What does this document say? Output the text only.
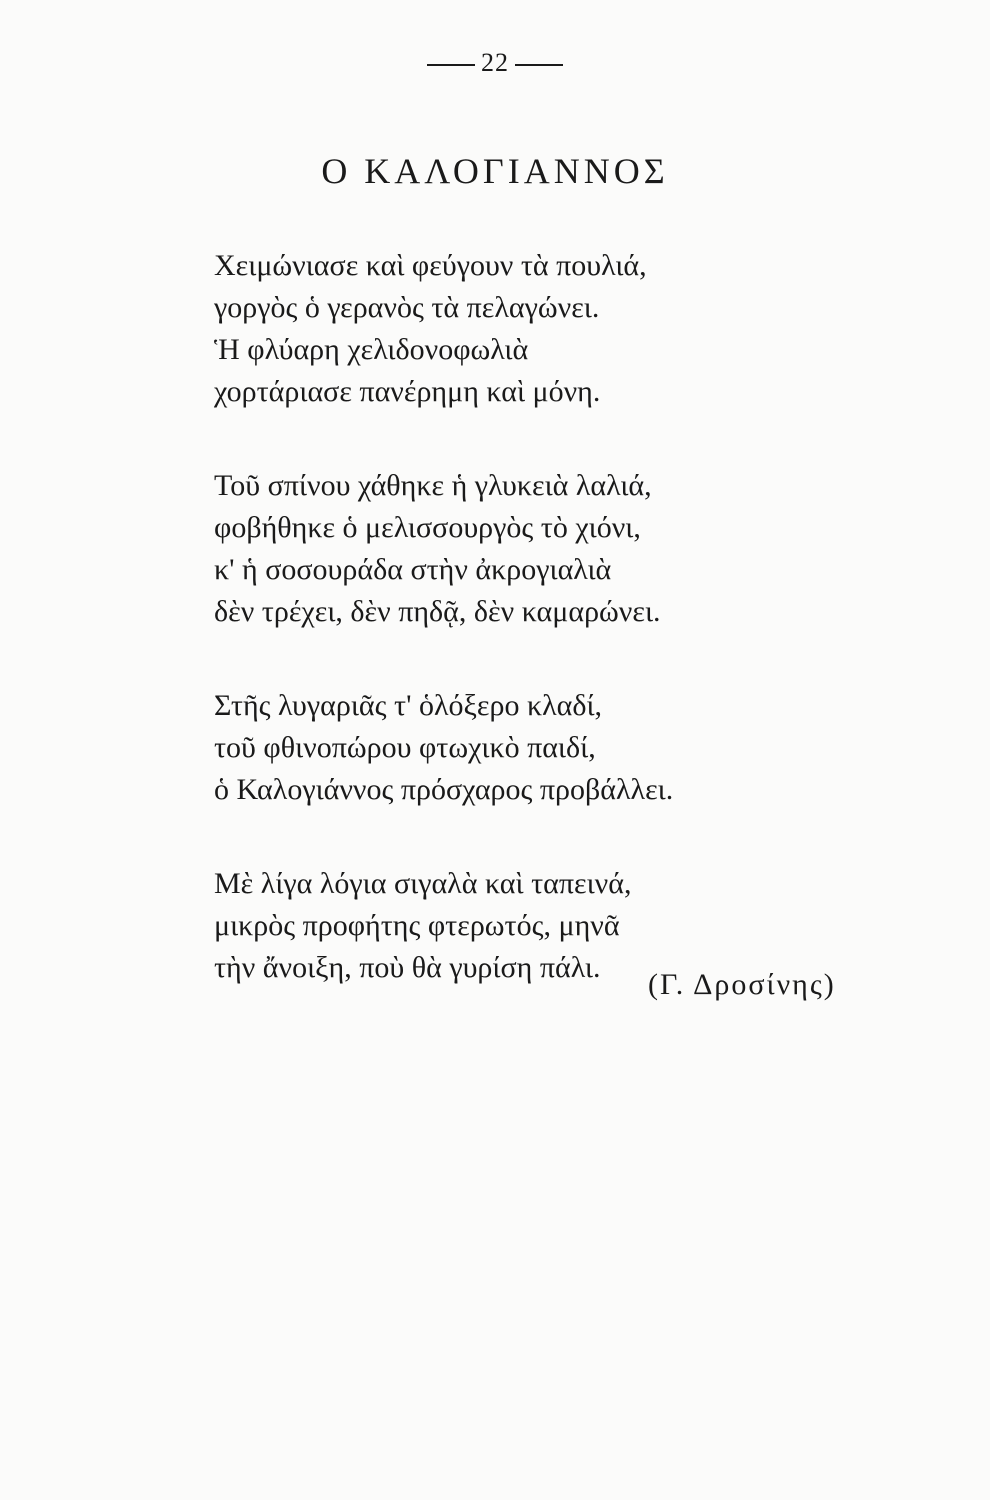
22
Ο ΚΑΛΟΓΙΑΝΝΟΣ
Χειμώνιασε καὶ φεύγουν τὰ πουλιά,
γοργὸς ὁ γερανὸς τὰ πελαγώνει.
Ἡ φλύαρη χελιδονοφωλιὰ
χορτάριασε πανέρημη καὶ μόνη.
Τοῦ σπίνου χάθηκε ἡ γλυκειὰ λαλιά,
φοβήθηκε ὁ μελισσουργὸς τὸ χιόνι,
κ' ἡ σοσουράδα στὴν ἀκρογιαλιὰ
δὲν τρέχει, δὲν πηδᾷ, δὲν καμαρώνει.
Στῆς λυγαριᾶς τ' ὁλόξερο κλαδί,
τοῦ φθινοπώρου φτωχικὸ παιδί,
ὁ Καλογιάννος πρόσχαρος προβάλλει.
Μὲ λίγα λόγια σιγαλὰ καὶ ταπεινά,
μικρὸς προφήτης φτερωτός, μηνᾶ
τὴν ἄνοιξη, ποὺ θὰ γυρίση πάλι.
(Γ. Δροσίνης)
